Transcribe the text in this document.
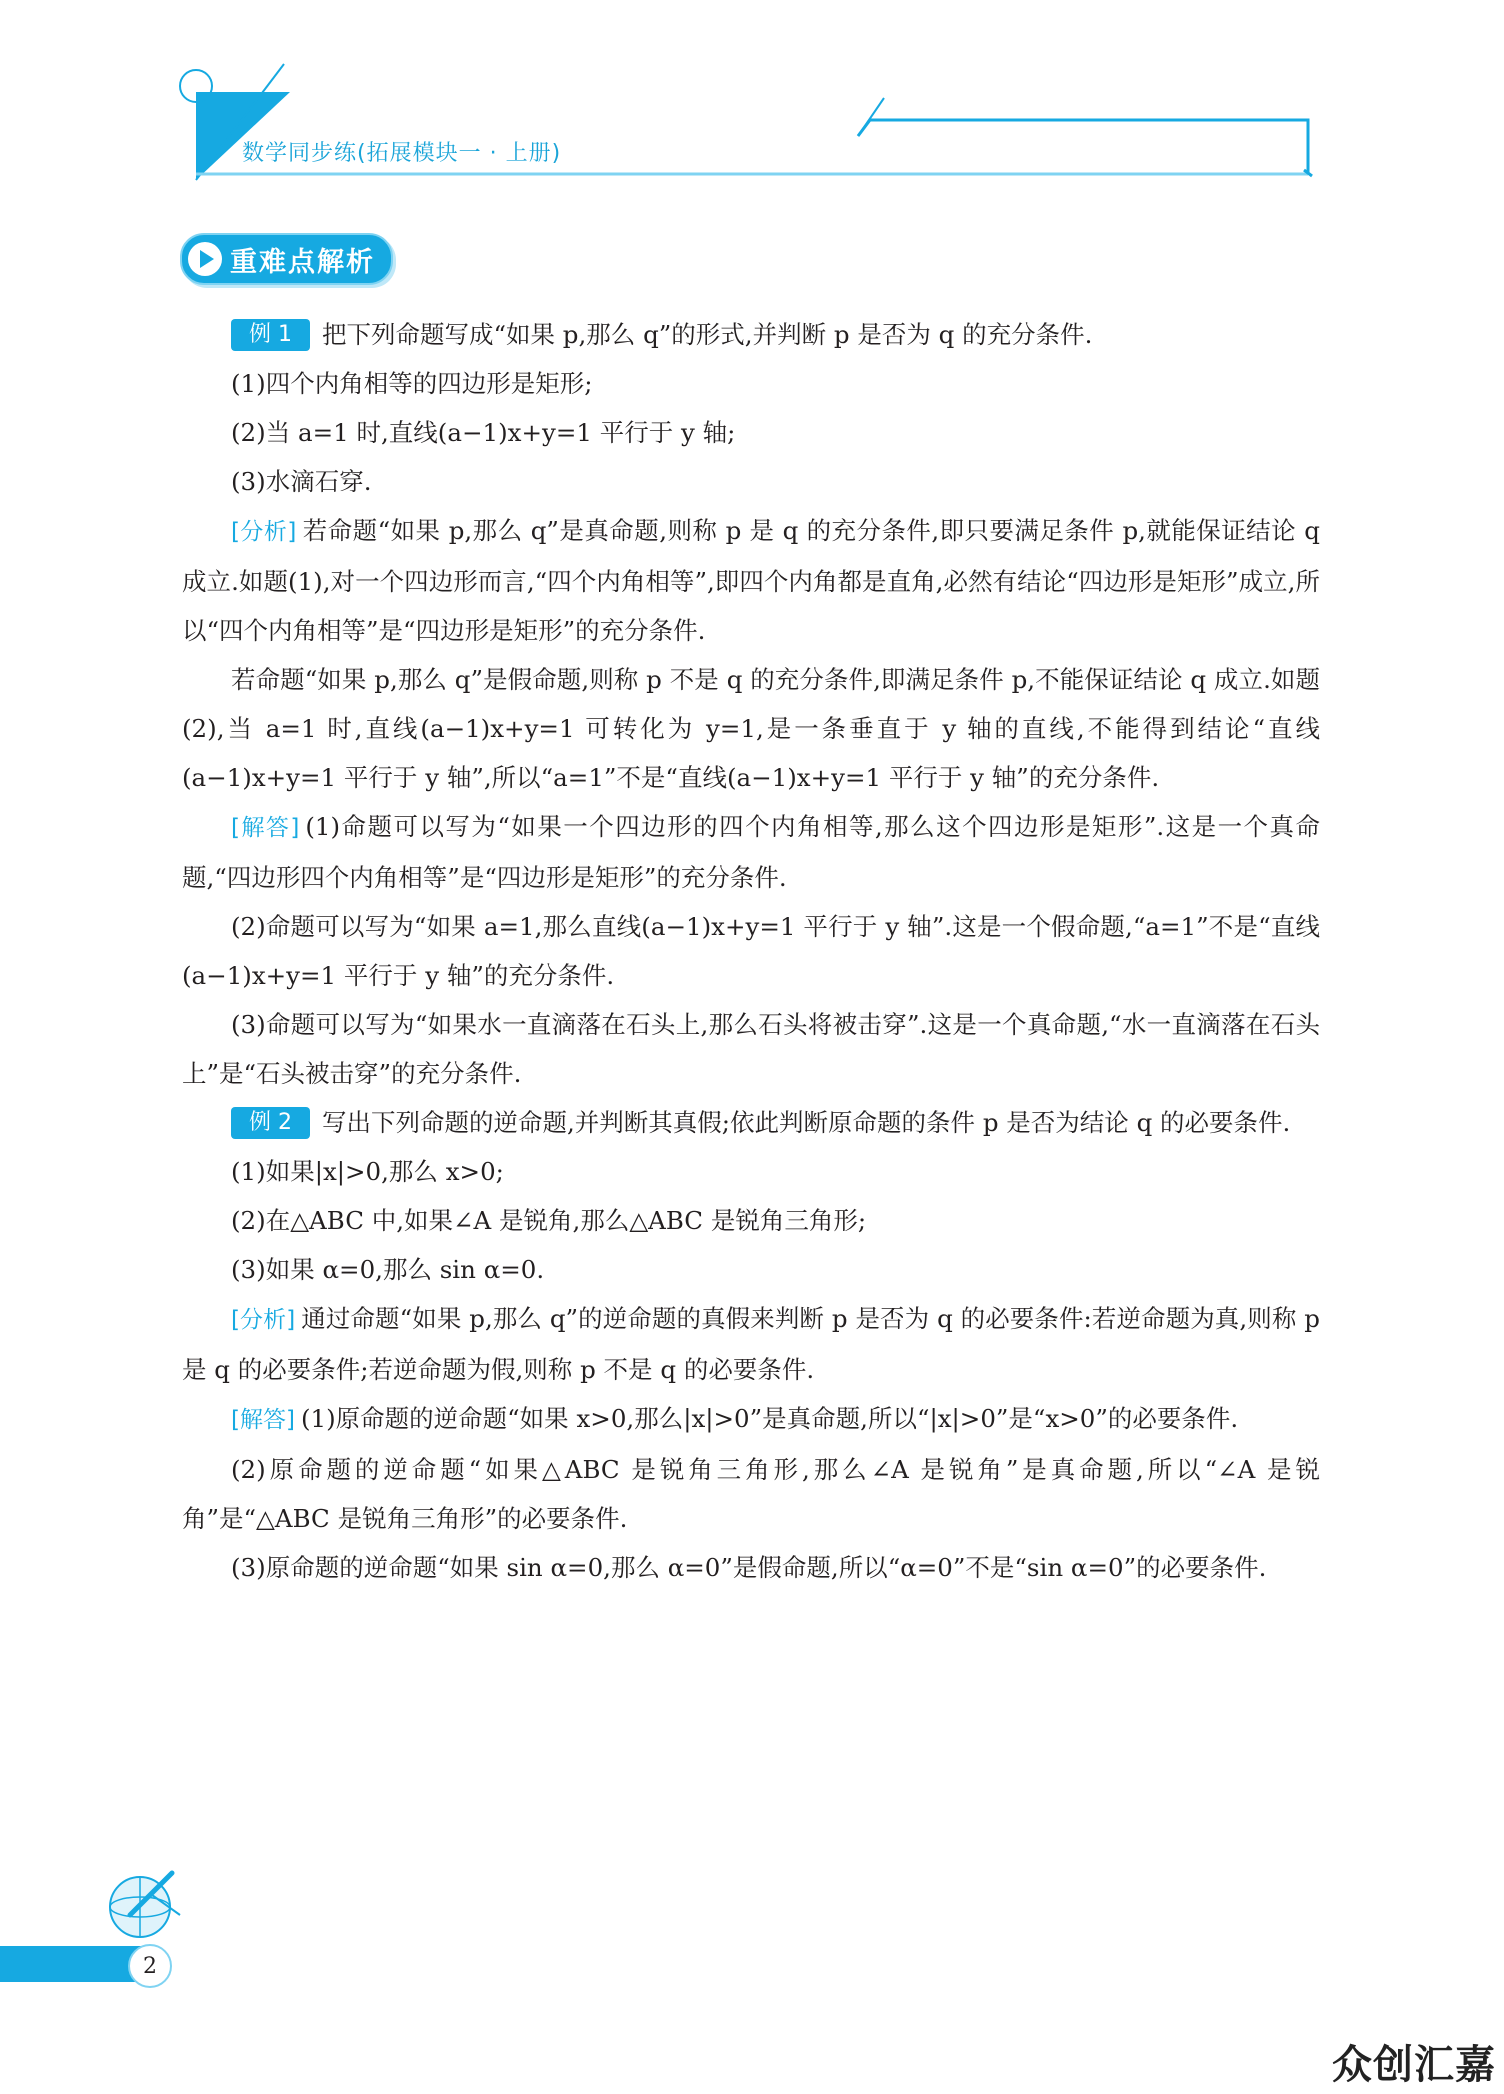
数学同步练(拓展模块一 · 上册)
重难点解析

例 1 把下列命题写成“如果 p,那么 q”的形式,并判断 p 是否为 q 的充分条件.

(1)四个内角相等的四边形是矩形;

(2)当 a=1 时,直线(a−1)x+y=1 平行于 y 轴;

(3)水滴石穿.

[分析] 若命题“如果 p,那么 q”是真命题,则称 p 是 q 的充分条件,即只要满足条件 p,就能保证结论 q 成立.如题(1),对一个四边形而言,“四个内角相等”,即四个内角都是直角,必然有结论“四边形是矩形”成立,所以“四个内角相等”是“四边形是矩形”的充分条件.

若命题“如果 p,那么 q”是假命题,则称 p 不是 q 的充分条件,即满足条件 p,不能保证结论 q 成立.如题(2),当 a=1 时,直线(a−1)x+y=1 可转化为 y=1,是一条垂直于 y 轴的直线,不能得到结论“直线(a−1)x+y=1 平行于 y 轴”,所以“a=1”不是“直线(a−1)x+y=1 平行于 y 轴”的充分条件.

[解答] (1)命题可以写为“如果一个四边形的四个内角相等,那么这个四边形是矩形”.这是一个真命题,“四边形四个内角相等”是“四边形是矩形”的充分条件.

(2)命题可以写为“如果 a=1,那么直线(a−1)x+y=1 平行于 y 轴”.这是一个假命题,“a=1”不是“直线(a−1)x+y=1 平行于 y 轴”的充分条件.

(3)命题可以写为“如果水一直滴落在石头上,那么石头将被击穿”.这是一个真命题,“水一直滴落在石头上”是“石头被击穿”的充分条件.

例 2 写出下列命题的逆命题,并判断其真假;依此判断原命题的条件 p 是否为结论 q 的必要条件.

(1)如果|x|>0,那么 x>0;

(2)在△ABC 中,如果∠A 是锐角,那么△ABC 是锐角三角形;

(3)如果 α=0,那么 sin α=0.

[分析] 通过命题“如果 p,那么 q”的逆命题的真假来判断 p 是否为 q 的必要条件:若逆命题为真,则称 p 是 q 的必要条件;若逆命题为假,则称 p 不是 q 的必要条件.

[解答] (1)原命题的逆命题“如果 x>0,那么|x|>0”是真命题,所以“|x|>0”是“x>0”的必要条件.

(2)原命题的逆命题“如果△ABC 是锐角三角形,那么∠A 是锐角”是真命题,所以“∠A 是锐角”是“△ABC 是锐角三角形”的必要条件.

(3)原命题的逆命题“如果 sin α=0,那么 α=0”是假命题,所以“α=0”不是“sin α=0”的必要条件.

2
众创汇嘉
